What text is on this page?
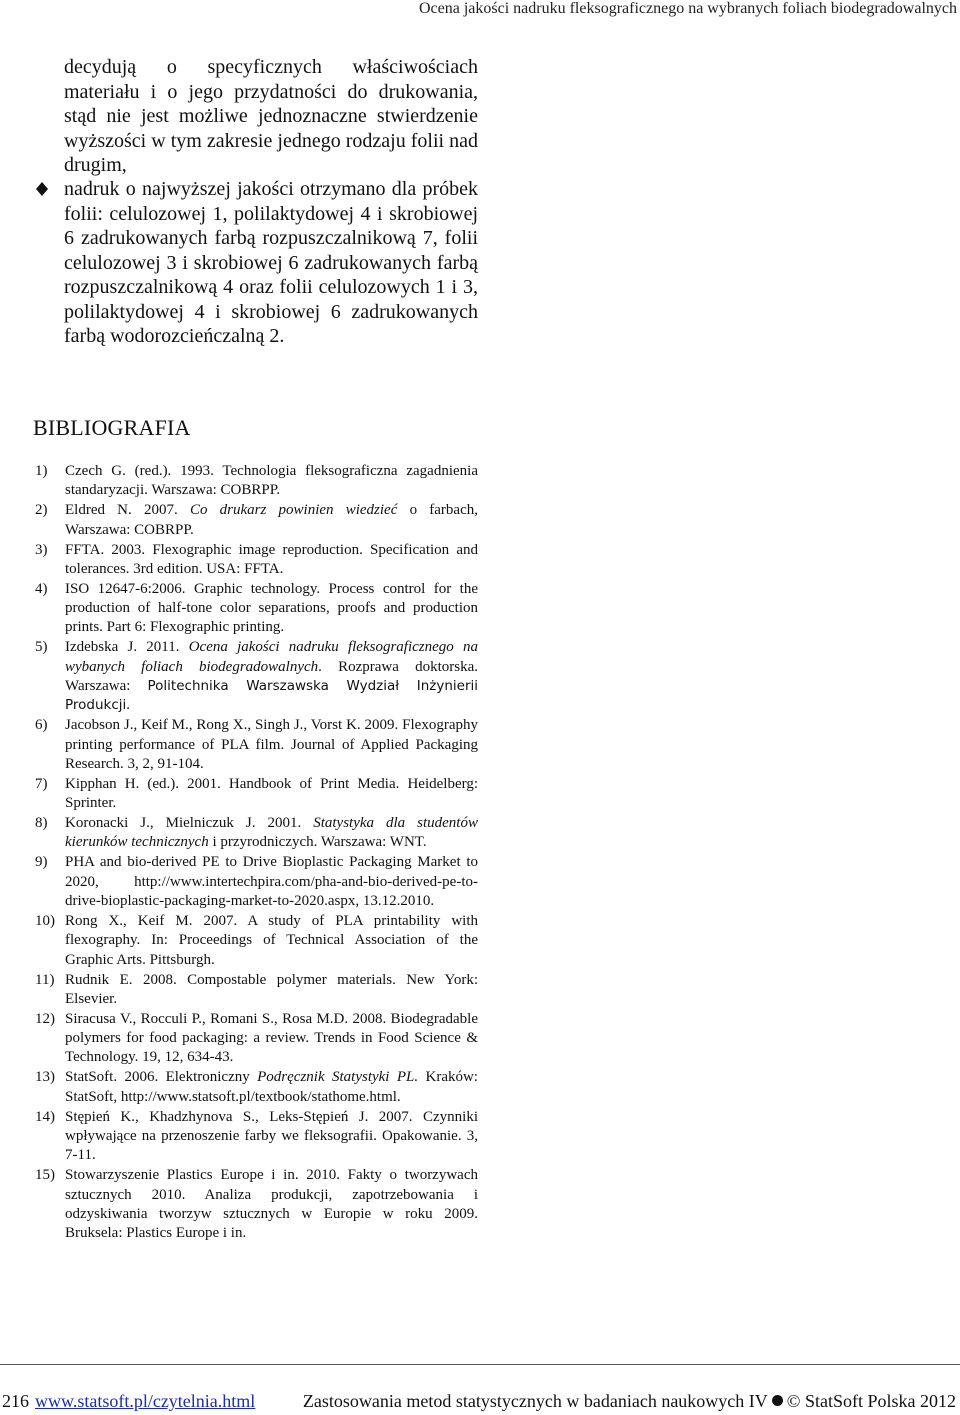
Ocena jakości nadruku fleksograficznego na wybranych foliach biodegradowalnych

decydują o specyficznych właściwościach materiału i o jego przydatności do drukowania, stąd nie jest możliwe jednoznaczne stwierdzenie wyższości w tym zakresie jednego rodzaju folii nad drugim,

nadruk o najwyższej jakości otrzymano dla próbek folii: celulozowej 1, polilaktydowej 4 i skrobiowej 6 zadrukowanych farbą rozpuszczalnikową 7, folii celulozowej 3 i skrobiowej 6 zadrukowanych farbą rozpuszczalnikową 4 oraz folii celulozowych 1 i 3, polilaktydowej 4 i skrobiowej 6 zadrukowanych farbą wodorozcieńczalną 2.

BIBLIOGRAFIA
1) Czech G. (red.). 1993. Technologia fleksograficzna zagadnienia standaryzacji. Warszawa: COBRPP.
2) Eldred N. 2007. Co drukarz powinien wiedzieć o farbach, Warszawa: COBRPP.
3) FFTA. 2003. Flexographic image reproduction. Specification and tolerances. 3rd edition. USA: FFTA.
4) ISO 12647-6:2006. Graphic technology. Process control for the production of half-tone color separations, proofs and production prints. Part 6: Flexographic printing.
5) Izdebska J. 2011. Ocena jakości nadruku fleksograficznego na wybanych foliach biodegradowalnych. Rozprawa doktorska. Warszawa: Politechnika Warszawska Wydział Inżynierii Produkcji.
6) Jacobson J., Keif M., Rong X., Singh J., Vorst K. 2009. Flexography printing performance of PLA film. Journal of Applied Packaging Research. 3, 2, 91-104.
7) Kipphan H. (ed.). 2001. Handbook of Print Media. Heidelberg: Sprinter.
8) Koronacki J., Mielniczuk J. 2001. Statystyka dla studentów kierunków technicznych i przyrodniczych. Warszawa: WNT.
9) PHA and bio-derived PE to Drive Bioplastic Packaging Market to 2020, http://www.intertechpira.com/pha-and-bio-derived-pe-to-drive-bioplastic-packaging-market-to-2020.aspx, 13.12.2010.
10) Rong X., Keif M. 2007. A study of PLA printability with flexography. In: Proceedings of Technical Association of the Graphic Arts. Pittsburgh.
11) Rudnik E. 2008. Compostable polymer materials. New York: Elsevier.
12) Siracusa V., Rocculi P., Romani S., Rosa M.D. 2008. Biodegradable polymers for food packaging: a review. Trends in Food Science & Technology. 19, 12, 634-43.
13) StatSoft. 2006. Elektroniczny Podręcznik Statystyki PL. Kraków: StatSoft, http://www.statsoft.pl/textbook/stathome.html.
14) Stępień K., Khadzhynova S., Leks-Stępień J. 2007. Czynniki wpływające na przenoszenie farby we fleksografii. Opakowanie. 3, 7-11.
15) Stowarzyszenie Plastics Europe i in. 2010. Fakty o tworzywach sztucznych 2010. Analiza produkcji, zapotrzebowania i odzyskiwania tworzyw sztucznych w Europie w roku 2009. Bruksela: Plastics Europe i in.
216 www.statsoft.pl/czytelnia.html	Zastosowania metod statystycznych w badaniach naukowych IV © StatSoft Polska 2012
